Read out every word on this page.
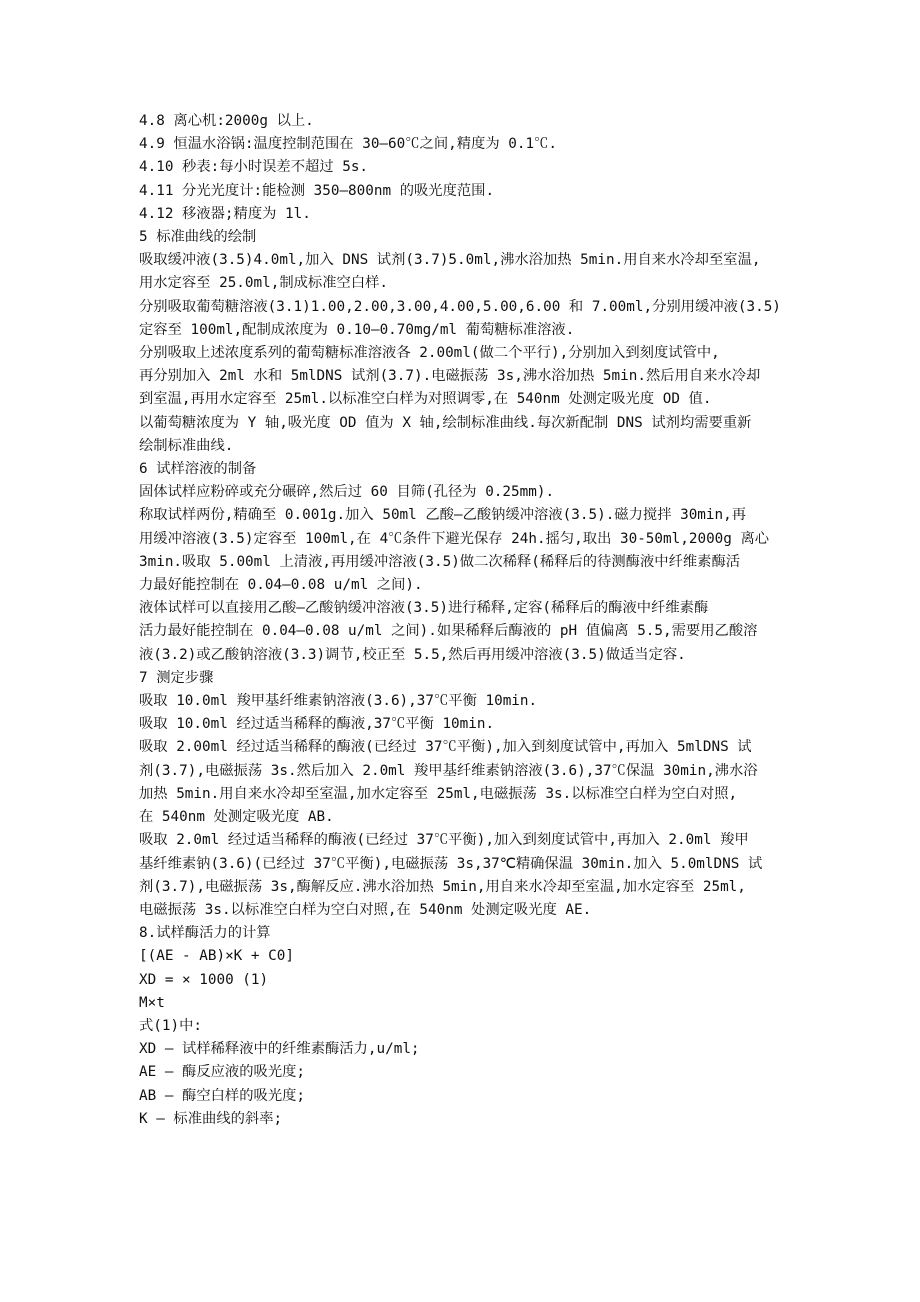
4.8 离心机:2000g 以上.
4.9 恒温水浴锅:温度控制范围在 30—60℃之间,精度为 0.1℃.
4.10 秒表:每小时误差不超过 5s.
4.11 分光光度计:能检测 350—800nm 的吸光度范围.
4.12 移液器;精度为 1l.
5 标准曲线的绘制
吸取缓冲液(3.5)4.0ml,加入 DNS 试剂(3.7)5.0ml,沸水浴加热 5min.用自来水冷却至室温,
用水定容至 25.0ml,制成标准空白样.
分别吸取葡萄糖溶液(3.1)1.00,2.00,3.00,4.00,5.00,6.00 和 7.00ml,分别用缓冲液(3.5)
定容至 100ml,配制成浓度为 0.10—0.70mg/ml 葡萄糖标准溶液.
分别吸取上述浓度系列的葡萄糖标准溶液各 2.00ml(做二个平行),分别加入到刻度试管中,
再分别加入 2ml 水和 5mlDNS 试剂(3.7).电磁振荡 3s,沸水浴加热 5min.然后用自来水冷却
到室温,再用水定容至 25ml.以标准空白样为对照调零,在 540nm 处测定吸光度 OD 值.
以葡萄糖浓度为 Y 轴,吸光度 OD 值为 X 轴,绘制标准曲线.每次新配制 DNS 试剂均需要重新
绘制标准曲线.
6 试样溶液的制备
固体试样应粉碎或充分碾碎,然后过 60 目筛(孔径为 0.25mm).
称取试样两份,精确至 0.001g.加入 50ml 乙酸—乙酸钠缓冲溶液(3.5).磁力搅拌 30min,再
用缓冲溶液(3.5)定容至 100ml,在 4℃条件下避光保存 24h.摇匀,取出 30-50ml,2000g 离心
3min.吸取 5.00ml 上清液,再用缓冲溶液(3.5)做二次稀释(稀释后的待测酶液中纤维素酶活
力最好能控制在 0.04—0.08 u/ml 之间).
液体试样可以直接用乙酸—乙酸钠缓冲溶液(3.5)进行稀释,定容(稀释后的酶液中纤维素酶
活力最好能控制在 0.04—0.08 u/ml 之间).如果稀释后酶液的 pH 值偏离 5.5,需要用乙酸溶
液(3.2)或乙酸钠溶液(3.3)调节,校正至 5.5,然后再用缓冲溶液(3.5)做适当定容.
7 测定步骤
吸取 10.0ml 羧甲基纤维素钠溶液(3.6),37℃平衡 10min.
吸取 10.0ml 经过适当稀释的酶液,37℃平衡 10min.
吸取 2.00ml 经过适当稀释的酶液(已经过 37℃平衡),加入到刻度试管中,再加入 5mlDNS 试
剂(3.7),电磁振荡 3s.然后加入 2.0ml 羧甲基纤维素钠溶液(3.6),37℃保温 30min,沸水浴
加热 5min.用自来水冷却至室温,加水定容至 25ml,电磁振荡 3s.以标准空白样为空白对照,
在 540nm 处测定吸光度 AB.
吸取 2.0ml 经过适当稀释的酶液(已经过 37℃平衡),加入到刻度试管中,再加入 2.0ml 羧甲
基纤维素钠(3.6)(已经过 37℃平衡),电磁振荡 3s,37℃精确保温 30min.加入 5.0mlDNS 试
剂(3.7),电磁振荡 3s,酶解反应.沸水浴加热 5min,用自来水冷却至室温,加水定容至 25ml,
电磁振荡 3s.以标准空白样为空白对照,在 540nm 处测定吸光度 AE.
8.试样酶活力的计算
[(AE - AB)×K + C0]
XD = × 1000 (1)
M×t
式(1)中:
XD — 试样稀释液中的纤维素酶活力,u/ml;
AE — 酶反应液的吸光度;
AB — 酶空白样的吸光度;
K — 标准曲线的斜率;
